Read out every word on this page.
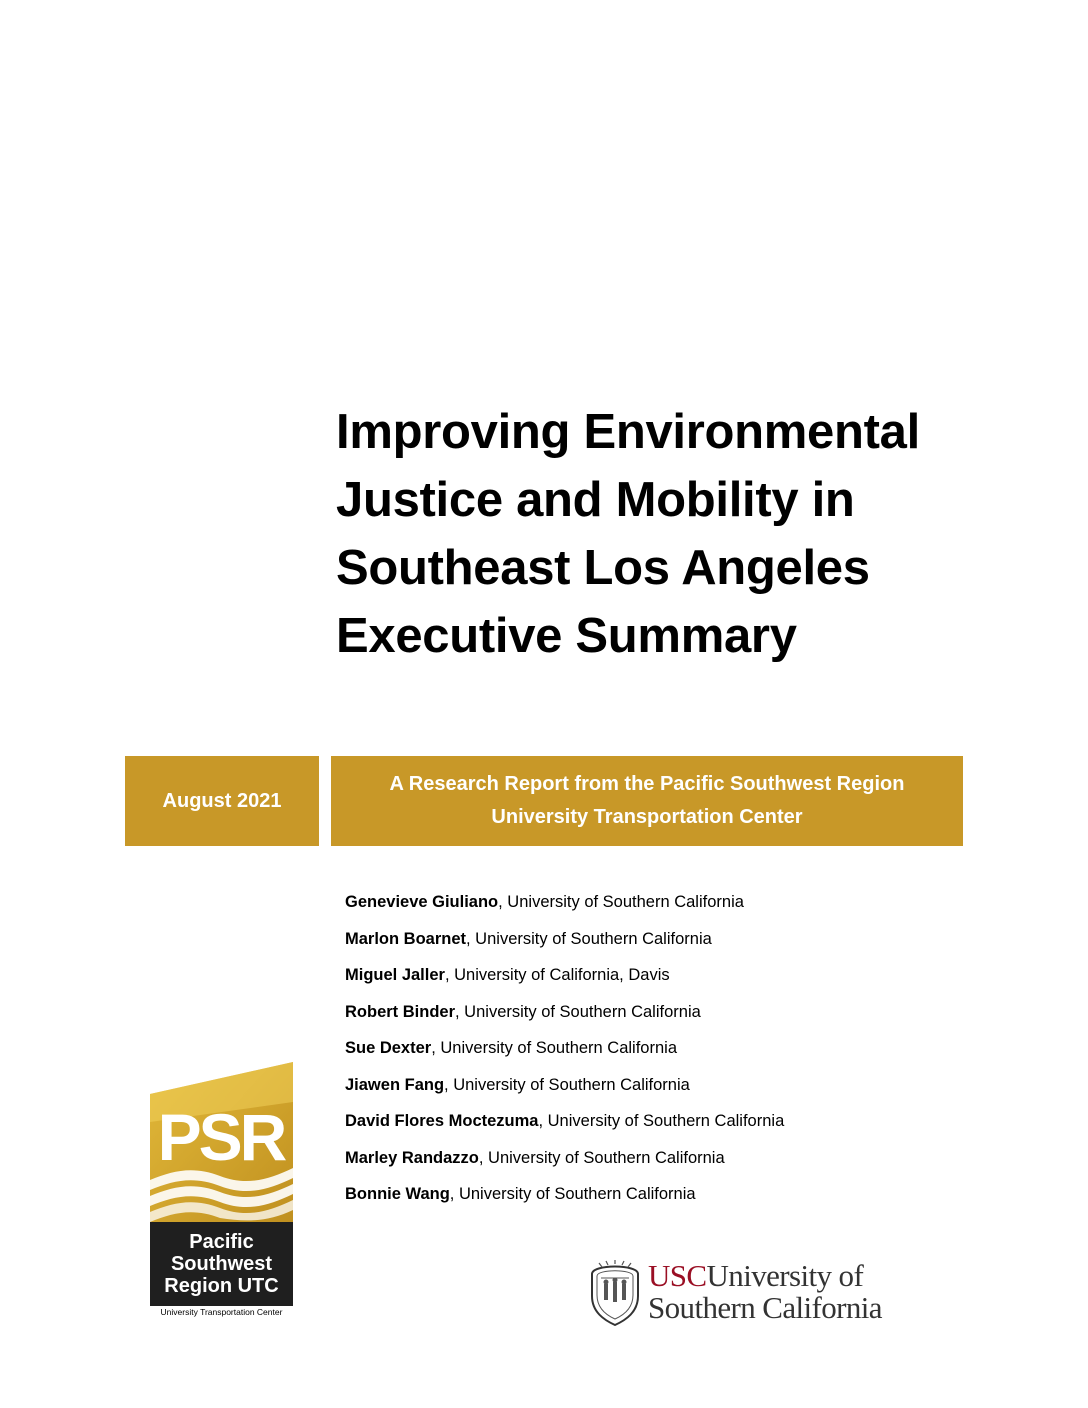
Improving Environmental
Justice and Mobility in
Southeast Los Angeles
Executive Summary
August 2021
A Research Report from the Pacific Southwest Region
University Transportation Center
Genevieve Giuliano, University of Southern California
Marlon Boarnet, University of Southern California
Miguel Jaller, University of California, Davis
Robert Binder, University of Southern California
Sue Dexter, University of Southern California
Jiawen Fang, University of Southern California
David Flores Moctezuma, University of Southern California
Marley Randazzo, University of Southern California
Bonnie Wang, University of Southern California
PSR
Pacific
Southwest
Region UTC
University Transportation Center
USCUniversity of
Southern California
